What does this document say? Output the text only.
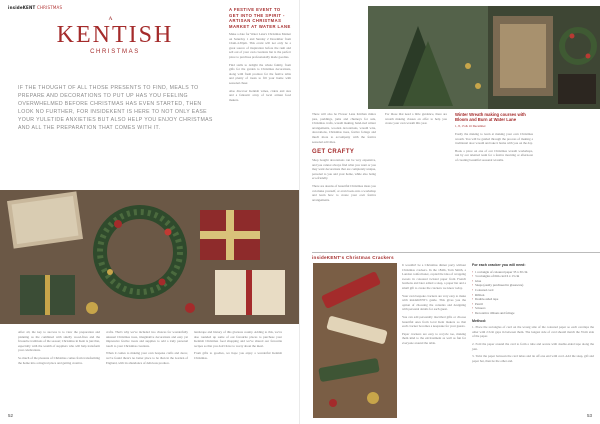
insideKENT CHRISTMAS
A
KENTISH
CHRISTMAS
IF THE THOUGHT OF ALL THOSE PRESENTS TO FIND, MEALS TO PREPARE AND DECORATIONS TO PUT UP HAS YOU FEELING OVERWHELMED BEFORE CHRISTMAS HAS EVEN STARTED, THEN LOOK NO FURTHER, FOR INSIDEKENT IS HERE TO NOT ONLY EASE YOUR YULETIDE ANXIETIES BUT ALSO HELP YOU ENJOY CHRISTMAS AND ALL THE PREPARATION THAT COMES WITH IT.

After all, the key to success is to view the preparation and planning as the combined with smelly wood-fires and the favourite traditions of the season; Christmas in Kent is just that, especially with the wealth of suppliers who will help transform your celebrations.

So much of the pleasure of Christmas comes from transforming the home into a magical place and getting creative.

crafts. That's why we've included two choices for wonderfully unusual Christmas trees, imaginative decorations and easy yet impressive festive treats and supplies to add a truly personal touch to your Christmas creations.

When it comes to making your own bespoke crafts and decor, we've found there's no better place to be than in the Garden of England, with its abundance of delicious produce.

landscape and history of this glorious county. Adding to this, we've also rounded up some of our favourite places to purchase your Kentish Christmas food shopping and we've shared our favourite recipes so that you don't have to worry about the meal.

From gifts to goodies, we hope you enjoy a wonderful Kentish Christmas.

52
A FESTIVE EVENT TO GET INTO THE SPIRIT - ARTISAN CHRISTMAS MARKET AT WATER LANE

Make a date for Water Lane's Christmas Market on Saturday 1 and Sunday 2 December from 10am-4.30pm. This event will not only be a great source of inspiration before the rush and sell out of your own creations but is the perfect place to purchase professionally made goodies.

Find stalls to delight the whole family, from gifts for the garden to Christmas decorations, along with fresh produce for the festive table and plenty of treats to fill your home with seasonal cheer.

Also discover Kentish wines, ciders and ales and a fantastic array of local artisan food makers.

There will also be Flower Lane Kitchen mince pies, puddings, jams and chutneys for sale, Christmas crafts, wreath making, hand-tied winter arrangements, wooden decorations, wreath wire, decorations, Christmas trees, festive foliage and much more to accompany with the festive seasonal activities.

GET CRAFTY

Shop bought decorations can be very expensive, and you cannot always find what you want or you may want decorations that are completely unique, personal to you and your home, while also being eco-friendly.

There are dozens of beautiful Christmas ideas you can make yourself, or even book onto a workshop and learn how to create your own festive arrangements.

For those that need a little guidance, there are wreath making classes on offer to help you create your own wreath this year.

Winter Wreath making courses with Bloom and Burn at Water Lane
1, 8, 15 & 16 December

Easily the making to learn at making your own Christmas wreath. You will be guided through the process of making a traditional door wreath and take it home with you on the day.

Book a place on one of our Christmas wreath workshops, run by our talented team for a festive morning or afternoon of creating beautiful seasonal wreaths.

insideKENT's Christmas Crackers

It wouldn't be a Christmas dinner party without Christmas crackers. In the 1840s, Tom Smith, a London confectioner, copied the idea of wrapping sweets in coloured twisted paper from French bonbons and later added a snap, a paper hat and a small gift to create the crackers we know today.

Your own bespoke crackers are very easy to make with insideKENT's guide. This gives you the option of choosing the contents and designing with personal details for each guest.

You can add personally inscribed gifts or choose beautiful ones from local Kent makers so that each cracker becomes a keepsake for your guests.

Paper crackers are easy to recycle too, making them kind to the environment as well as fun for everyone around the table.

For each cracker you will need:
• 1 rectangle of coloured paper 35 x 30 cm
• 3 rectangles of thin card 6 x 13 cm
• Glue
• Snaps (easily purchased in glassware)
• Coloured cord
• Ribbon
• Double-sided tape
• Pencil
• Scissors
• Decorative ribbons and foliage
Method:

1. Place the rectangles of card on the wrong side of the coloured paper so each overlaps the other with 2.5cm gaps in between them. The longest side of card should match the 35cm side of the paper.

2. Fold the paper around the card to form a tube and secure with double-sided tape along the join.

3. Twist the paper between the card tubes and tie off one end with cord. Add the snap, gift and paper hat, then tie the other end.

53
